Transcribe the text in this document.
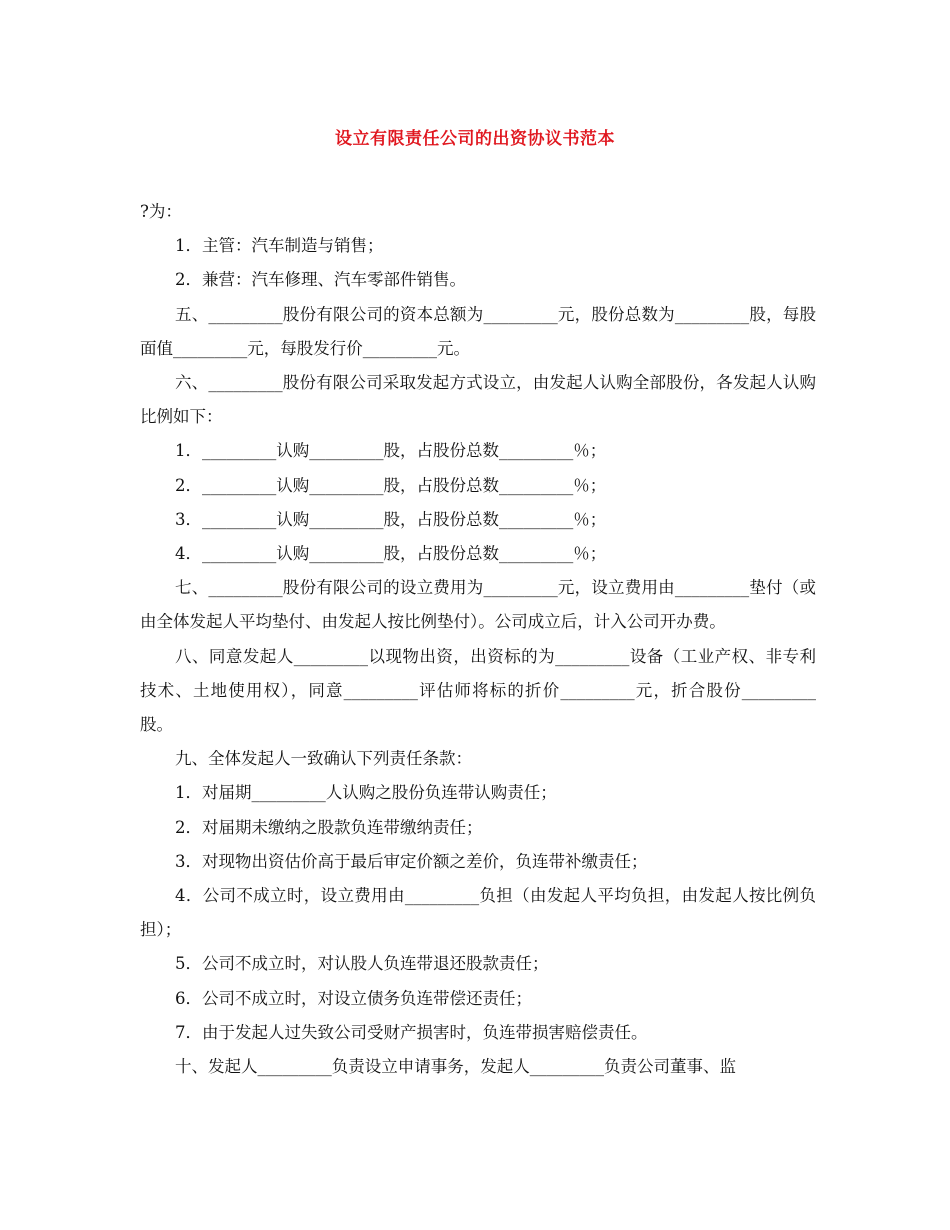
设立有限责任公司的出资协议书范本

?为：

1．主管：汽车制造与销售；

2．兼营：汽车修理、汽车零部件销售。

五、_________股份有限公司的资本总额为_________元，股份总数为_________股，每股面值_________元，每股发行价_________元。

六、_________股份有限公司采取发起方式设立，由发起人认购全部股份，各发起人认购比例如下：

1．_________认购_________股，占股份总数_________％；

2．_________认购_________股，占股份总数_________％；

3．_________认购_________股，占股份总数_________％；

4．_________认购_________股，占股份总数_________％；

七、_________股份有限公司的设立费用为_________元，设立费用由_________垫付（或由全体发起人平均垫付、由发起人按比例垫付）。公司成立后，计入公司开办费。

八、同意发起人_________以现物出资，出资标的为_________设备（工业产权、非专利技术、土地使用权），同意_________评估师将标的折价_________元，折合股份_________股。

九、全体发起人一致确认下列责任条款：

1．对届期_________人认购之股份负连带认购责任；

2．对届期未缴纳之股款负连带缴纳责任；

3．对现物出资估价高于最后审定价额之差价，负连带补缴责任；

4．公司不成立时，设立费用由_________负担（由发起人平均负担，由发起人按比例负担）；

5．公司不成立时，对认股人负连带退还股款责任；

6．公司不成立时，对设立债务负连带偿还责任；

7．由于发起人过失致公司受财产损害时，负连带损害赔偿责任。

十、发起人_________负责设立申请事务，发起人_________负责公司董事、监
